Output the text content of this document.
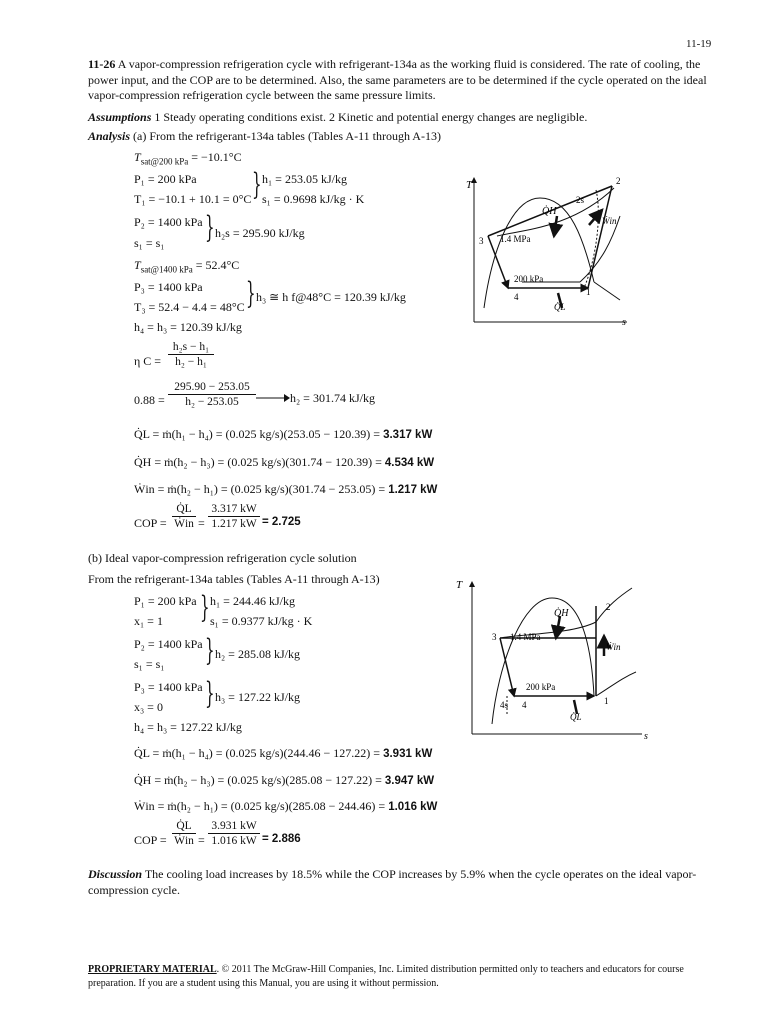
11-19
11-26 A vapor-compression refrigeration cycle with refrigerant-134a as the working fluid is considered. The rate of cooling, the power input, and the COP are to be determined. Also, the same parameters are to be determined if the cycle operated on the ideal vapor-compression refrigeration cycle between the same pressure limits.
Assumptions 1 Steady operating conditions exist. 2 Kinetic and potential energy changes are negligible.
Analysis (a) From the refrigerant-134a tables (Tables A-11 through A-13)
$T_{sat@200 kPa} = -10.1^\circ C$
P₁ = 200 kPa
T₁ = −10.1 + 10.1 = 0°C } h₁ = 253.05 kJ/kg
s₁ = 0.9698 kJ/kg · K
P₂ = 1400 kPa
s₁ = s₁ } h₂s = 295.90 kJ/kg
$T_{sat@1400 kPa} = 52.4^\circ C$
P₃ = 1400 kPa
T₃ = 52.4 − 4.4 = 48°C } h₃ ≅ h f@48°C = 120.39 kJ/kg
h₄ = h₃ = 120.39 kJ/kg
η C =
h₂s − h₁
h₂ − h₁
0.88 =
295.90 − 253.05
h₂ − 253.05	h₂ = 301.74 kJ/kg
Q̇L = ṁ(h₁ − h₄) = (0.025 kg/s)(253.05 − 120.39) = 3.317 kW
Q̇H = ṁ(h₂ − h₃) = (0.025 kg/s)(301.74 − 120.39) = 4.534 kW
Ẇin = ṁ(h₂ − h₁) = (0.025 kg/s)(301.74 − 253.05) = 1.217 kW
COP =
Q̇L
Ẇin =
3.317 kW
1.217 kW = 2.725
T
s
1.4 MPa
200 kPa
Q̇H
Ẇin
Q̇L
2
2s
3
4	1
(b) Ideal vapor-compression refrigeration cycle solution
From the refrigerant-134a tables (Tables A-11 through A-13)
P₁ = 200 kPa
x₁ = 1 } h₁ = 244.46 kJ/kg
s₁ = 0.9377 kJ/kg · K
P₂ = 1400 kPa
s₁ = s₁ } h₂ = 285.08 kJ/kg
P₃ = 1400 kPa
x₃ = 0 } h₃ = 127.22 kJ/kg
h₄ = h₃ = 127.22 kJ/kg
Q̇L = ṁ(h₁ − h₄) = (0.025 kg/s)(244.46 − 127.22) = 3.931 kW
Q̇H = ṁ(h₂ − h₃) = (0.025 kg/s)(285.08 − 127.22) = 3.947 kW
Ẇin = ṁ(h₂ − h₁) = (0.025 kg/s)(285.08 − 244.46) = 1.016 kW
COP =
Q̇L
Ẇin =
3.931 kW
1.016 kW = 2.886
T
s
1.4 MPa
200 kPa
Q̇H
Ẇin
Q̇L
2
3
4s 4	1
Discussion The cooling load increases by 18.5% while the COP increases by 5.9% when the cycle operates on the ideal vapor-compression cycle.
PROPRIETARY MATERIAL. © 2011 The McGraw-Hill Companies, Inc. Limited distribution permitted only to teachers and educators for course preparation. If you are a student using this Manual, you are using it without permission.
